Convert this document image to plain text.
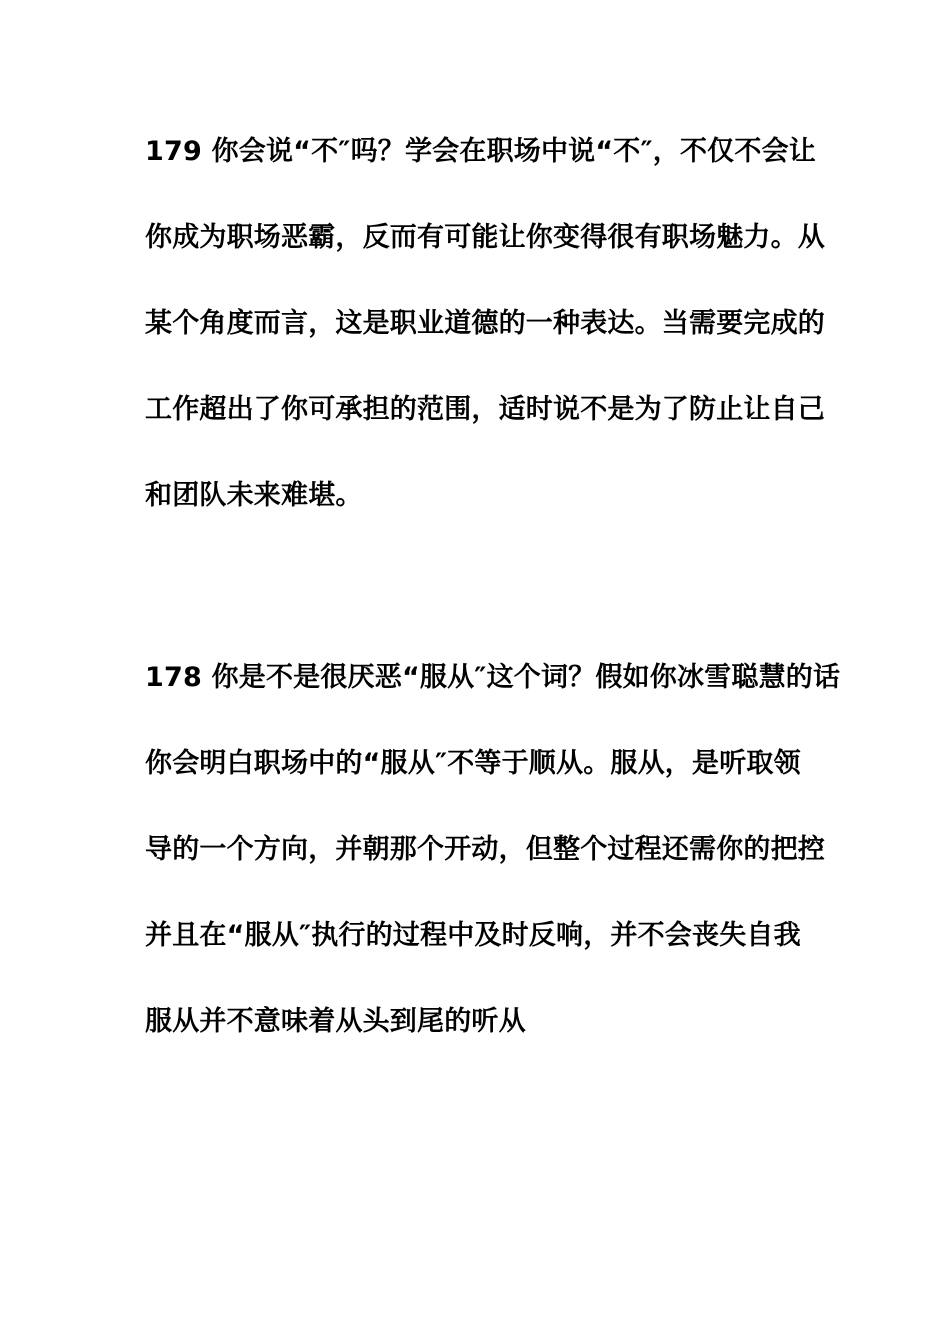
179 你会说“不″吗？学会在职场中说“不″，不仅不会让
你成为职场恶霸，反而有可能让你变得很有职场魅力。从
某个角度而言，这是职业道德的一种表达。当需要完成的
工作超出了你可承担的范围，适时说不是为了防止让自己
和团队未来难堪。
178 你是不是很厌恶“服从″这个词？假如你冰雪聪慧的话
你会明白职场中的“服从″不等于顺从。服从，是听取领
导的一个方向，并朝那个开动，但整个过程还需你的把控
并且在“服从″执行的过程中及时反响，并不会丧失自我
服从并不意味着从头到尾的听从
